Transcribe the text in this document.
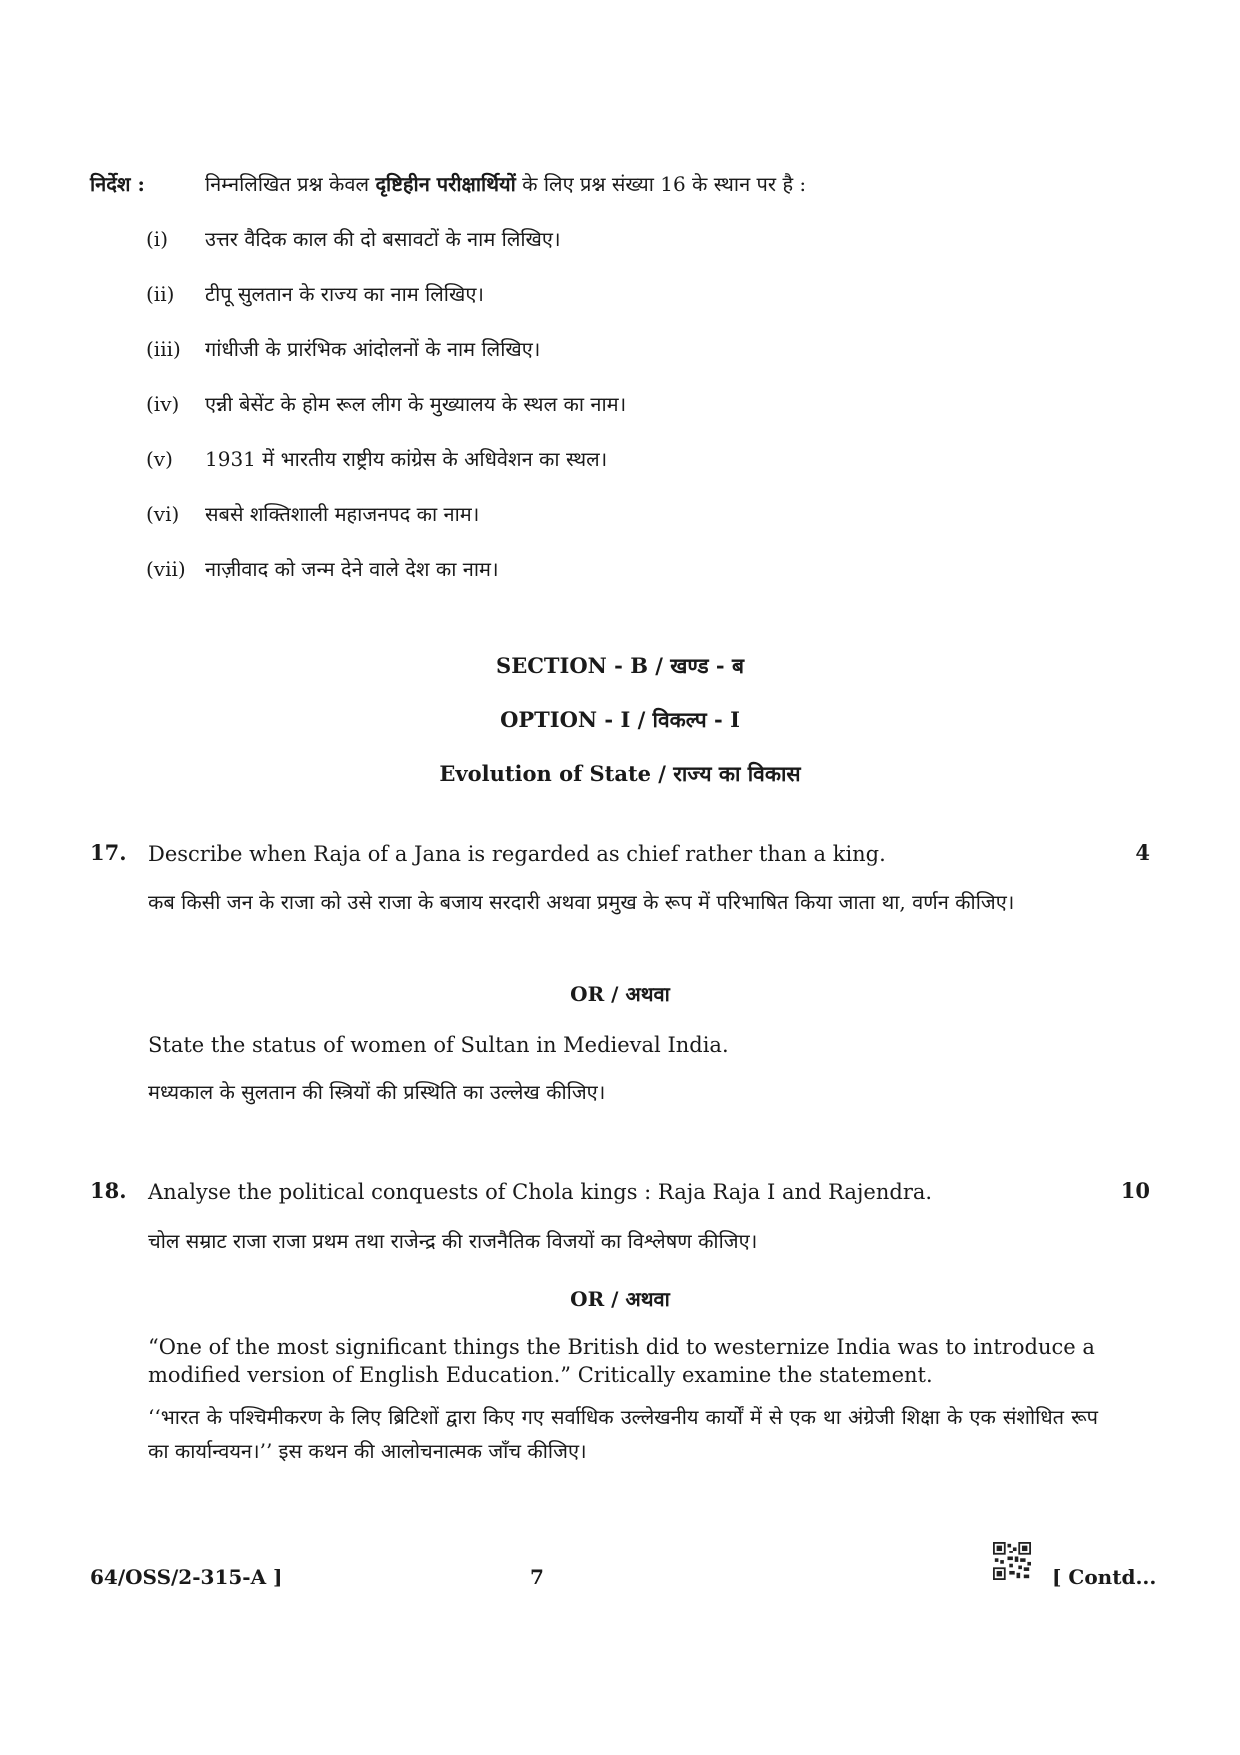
निर्देश :	निम्नलिखित प्रश्न केवल दृष्टिहीन परीक्षार्थियों के लिए प्रश्न संख्या 16 के स्थान पर है :
(i) उत्तर वैदिक काल की दो बसावटों के नाम लिखिए।
(ii) टीपू सुलतान के राज्य का नाम लिखिए।
(iii) गांधीजी के प्रारंभिक आंदोलनों के नाम लिखिए।
(iv) एन्नी बेसेंट के होम रूल लीग के मुख्यालय के स्थल का नाम।
(v) 1931 में भारतीय राष्ट्रीय कांग्रेस के अधिवेशन का स्थल।
(vi) सबसे शक्तिशाली महाजनपद का नाम।
(vii) नाज़ीवाद को जन्म देने वाले देश का नाम।
SECTION - B / खण्ड - ब
OPTION - I / विकल्प - I
Evolution of State / राज्य का विकास
17. Describe when Raja of a Jana is regarded as chief rather than a king.	4
कब किसी जन के राजा को उसे राजा के बजाय सरदारी अथवा प्रमुख के रूप में परिभाषित किया जाता था, वर्णन कीजिए।
OR / अथवा
State the status of women of Sultan in Medieval India.
मध्यकाल के सुलतान की स्त्रियों की प्रस्थिति का उल्लेख कीजिए।
18. Analyse the political conquests of Chola kings : Raja Raja I and Rajendra.	10
चोल सम्राट राजा राजा प्रथम तथा राजेन्द्र की राजनैतिक विजयों का विश्लेषण कीजिए।
OR / अथवा
“One of the most significant things the British did to westernize India was to introduce a modified version of English Education.” Critically examine the statement.
‘‘भारत के पश्चिमीकरण के लिए ब्रिटिशों द्वारा किए गए सर्वाधिक उल्लेखनीय कार्यों में से एक था अंग्रेजी शिक्षा के एक संशोधित रूप का कार्यान्वयन।’’ इस कथन की आलोचनात्मक जाँच कीजिए।
64/OSS/2-315-A ]	7	[ Contd...
